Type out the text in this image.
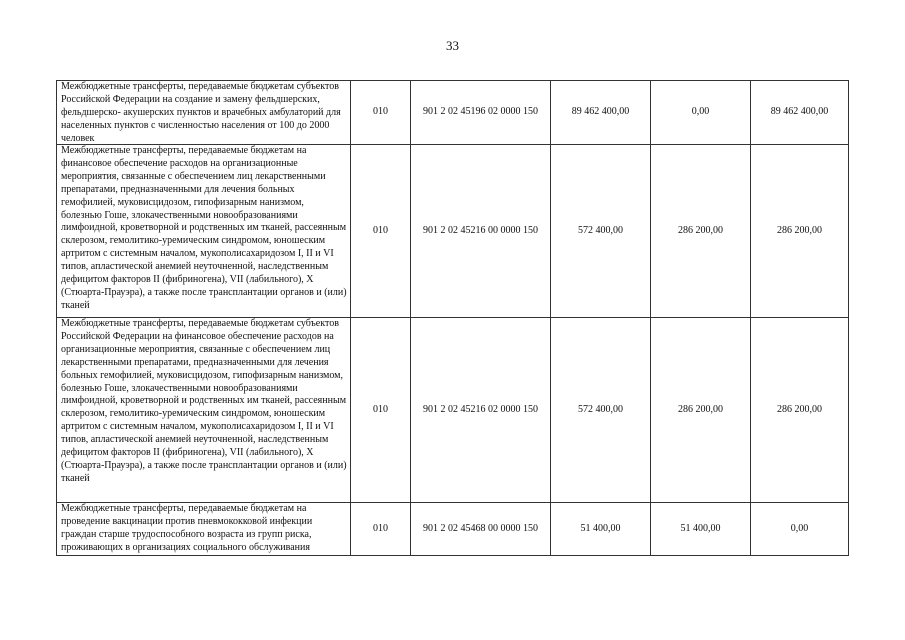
33
Межбюджетные трансферты, передаваемые бюджетам субъектов Российской Федерации на создание и замену фельдшерских, фельдшерско- акушерских пунктов и врачебных амбулаторий для населенных пунктов с численностью населения от 100 до 2000 человек	010	901 2 02 45196 02 0000 150	89 462 400,00	0,00	89 462 400,00

Межбюджетные трансферты, передаваемые бюджетам на финансовое обеспечение расходов на организационные мероприятия, связанные с обеспечением лиц лекарственными препаратами, предназначенными для лечения больных гемофилией, муковисцидозом, гипофизарным нанизмом, болезнью Гоше, злокачественными новообразованиями лимфоидной, кроветворной и родственных им тканей, рассеянным склерозом, гемолитико-уремическим синдромом, юношеским артритом с системным началом, мукополисахаридозом I, II и VI типов, апластической анемией неуточненной, наследственным дефицитом факторов II (фибриногена), VII (лабильного), X (Стюарта-Прауэра), а также после трансплантации органов и (или) тканей	010	901 2 02 45216 00 0000 150	572 400,00	286 200,00	286 200,00

Межбюджетные трансферты, передаваемые бюджетам субъектов Российской Федерации на финансовое обеспечение расходов на организационные мероприятия, связанные с обеспечением лиц лекарственными препаратами, предназначенными для лечения больных гемофилией, муковисцидозом, гипофизарным нанизмом, болезнью Гоше, злокачественными новообразованиями лимфоидной, кроветворной и родственных им тканей, рассеянным склерозом, гемолитико-уремическим синдромом, юношеским артритом с системным началом, мукополисахаридозом I, II и VI типов, апластической анемией неуточненной, наследственным дефицитом факторов II (фибриногена), VII (лабильного), X (Стюарта-Прауэра), а также после трансплантации органов и (или) тканей	010	901 2 02 45216 02 0000 150	572 400,00	286 200,00	286 200,00

Межбюджетные трансферты, передаваемые бюджетам на проведение вакцинации против пневмококковой инфекции граждан старше трудоспособного возраста из групп риска, проживающих в организациях социального обслуживания	010	901 2 02 45468 00 0000 150	51 400,00	51 400,00	0,00
